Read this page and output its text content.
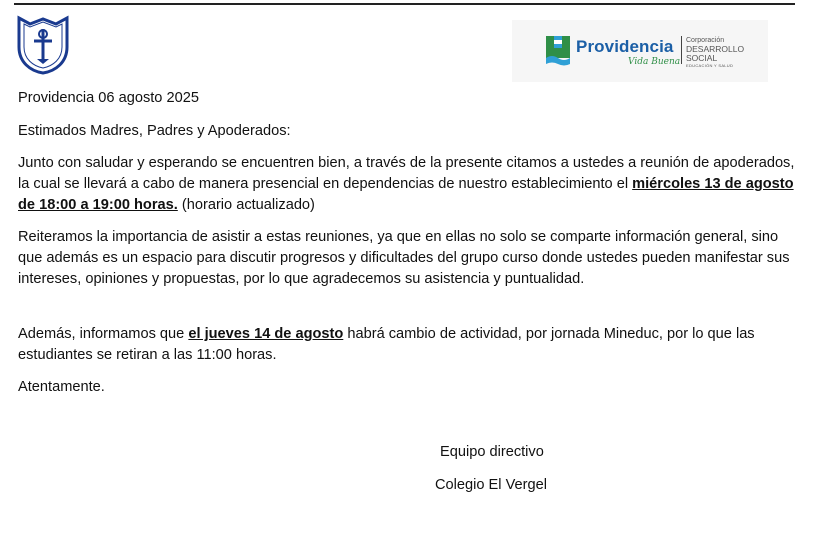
Providencia
Vida Buena
Corporación
DESARROLLO
SOCIAL
EDUCACIÓN Y SALUD

Providencia 06 agosto 2025

Estimados Madres, Padres y Apoderados:

Junto con saludar y esperando se encuentren bien, a través de la presente citamos a ustedes a reunión de apoderados, la cual se llevará a cabo de manera presencial en dependencias de nuestro establecimiento el miércoles 13 de agosto de 18:00 a 19:00 horas. (horario actualizado)

Reiteramos la importancia de asistir a estas reuniones, ya que en ellas no solo se comparte información general, sino que además es un espacio para discutir progresos y dificultades del grupo curso donde ustedes pueden manifestar sus intereses, opiniones y propuestas, por lo que agradecemos su asistencia y puntualidad.

Además, informamos que el jueves 14 de agosto habrá cambio de actividad, por jornada Mineduc, por lo que las estudiantes se retiran a las 11:00 horas.

Atentamente.

Equipo directivo
Colegio El Vergel
